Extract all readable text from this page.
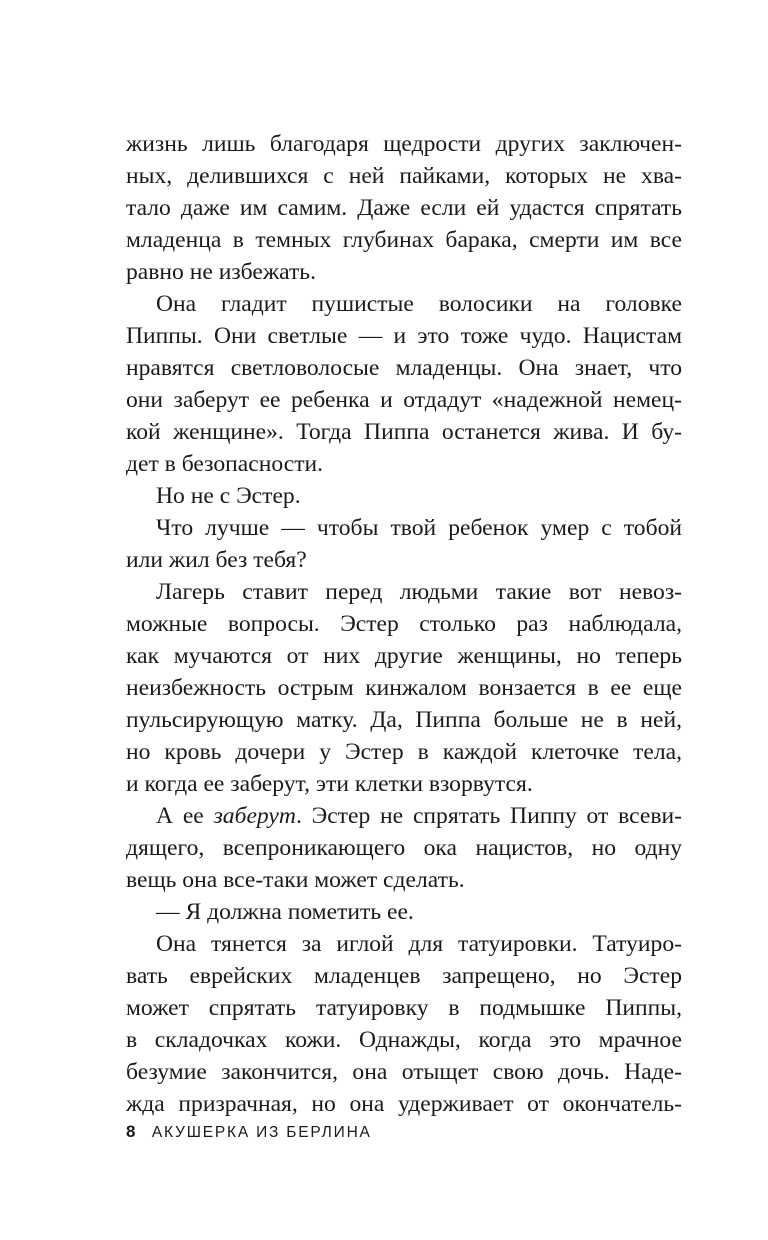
жизнь лишь благодаря щедрости других заключен-
ных, делившихся с ней пайками, которых не хва-
тало даже им самим. Даже если ей удастся спрятать
младенца в темных глубинах барака, смерти им все
равно не избежать.
Она гладит пушистые волосики на головке
Пиппы. Они светлые — и это тоже чудо. Нацистам
нравятся светловолосые младенцы. Она знает, что
они заберут ее ребенка и отдадут «надежной немец-
кой женщине». Тогда Пиппа останется жива. И бу-
дет в безопасности.
Но не с Эстер.
Что лучше — чтобы твой ребенок умер с тобой
или жил без тебя?
Лагерь ставит перед людьми такие вот невоз-
можные вопросы. Эстер столько раз наблюдала,
как мучаются от них другие женщины, но теперь
неизбежность острым кинжалом вонзается в ее еще
пульсирующую матку. Да, Пиппа больше не в ней,
но кровь дочери у Эстер в каждой клеточке тела,
и когда ее заберут, эти клетки взорвутся.
А ее заберут. Эстер не спрятать Пиппу от всеви-
дящего, всепроникающего ока нацистов, но одну
вещь она все-таки может сделать.
— Я должна пометить ее.
Она тянется за иглой для татуировки. Татуиро-
вать еврейских младенцев запрещено, но Эстер
может спрятать татуировку в подмышке Пиппы,
в складочках кожи. Однажды, когда это мрачное
безумие закончится, она отыщет свою дочь. Наде-
жда призрачная, но она удерживает от окончатель-
8 АКУШЕРКА ИЗ БЕРЛИНА
